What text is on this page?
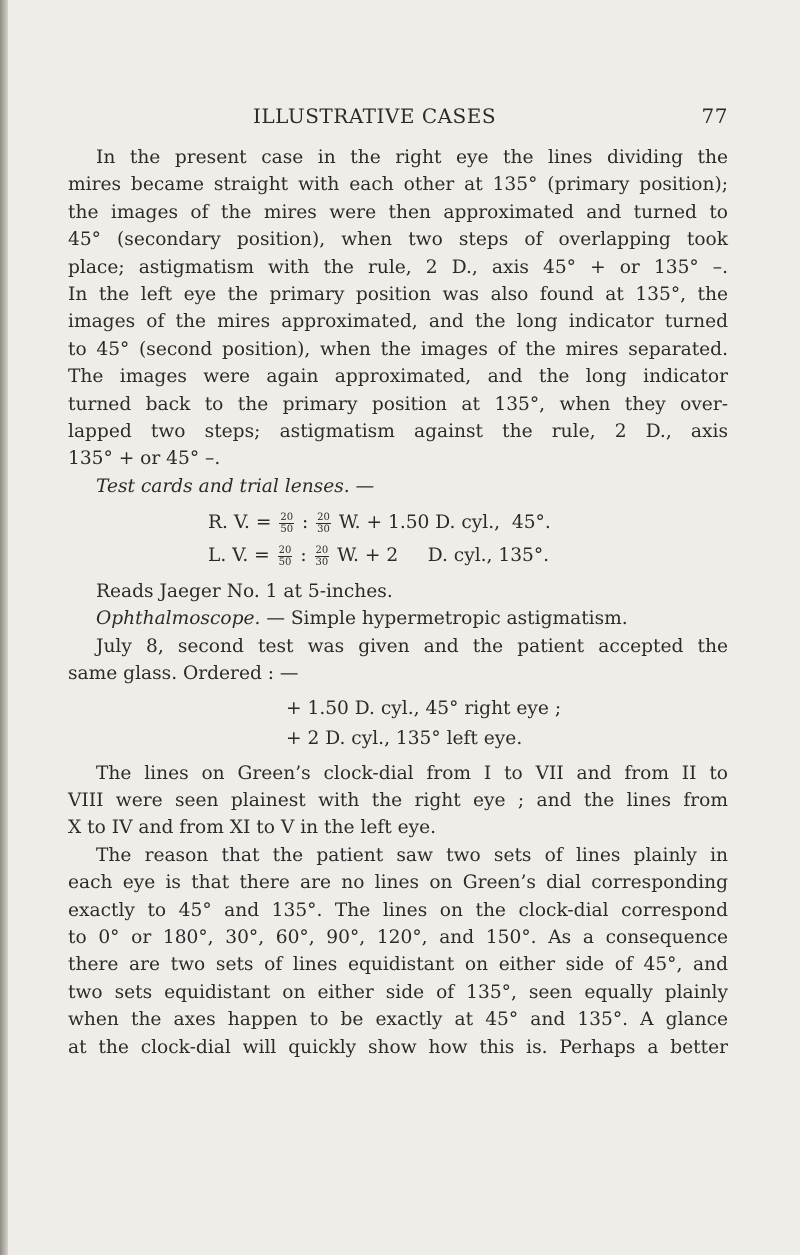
ILLUSTRATIVE CASES	77
In the present case in the right eye the lines dividing the
mires became straight with each other at 135° (primary position);
the images of the mires were then approximated and turned to
45° (secondary position), when two steps of overlapping took
place; astigmatism with the rule, 2 D., axis 45° + or 135° –.
In the left eye the primary position was also found at 135°, the
images of the mires approximated, and the long indicator turned
to 45° (second position), when the images of the mires separated.
The images were again approximated, and the long indicator
turned back to the primary position at 135°, when they over-
lapped two steps; astigmatism against the rule, 2 D., axis
135° + or 45° –.
Test cards and trial lenses. —
R. V. = $\frac{20}{50}$ : $\frac{20}{30} W$. + 1.50 D. cyl.,  45°.
L. V. = $\frac{20}{50}$ : $\frac{20}{30} W$. + 2     D. cyl., 135°.
Reads Jaeger No. 1 at 5-inches.
Ophthalmoscope. — Simple hypermetropic astigmatism.
July 8, second test was given and the patient accepted the
same glass. Ordered : —
+ 1.50 D. cyl., 45° right eye ;
+ 2 D. cyl., 135° left eye.
The lines on Green’s clock-dial from I to VII and from II to
VIII were seen plainest with the right eye ; and the lines from
X to IV and from XI to V in the left eye.
The reason that the patient saw two sets of lines plainly in
each eye is that there are no lines on Green’s dial corresponding
exactly to 45° and 135°. The lines on the clock-dial correspond
to 0° or 180°, 30°, 60°, 90°, 120°, and 150°. As a consequence
there are two sets of lines equidistant on either side of 45°, and
two sets equidistant on either side of 135°, seen equally plainly
when the axes happen to be exactly at 45° and 135°. A glance
at the clock-dial will quickly show how this is. Perhaps a better
